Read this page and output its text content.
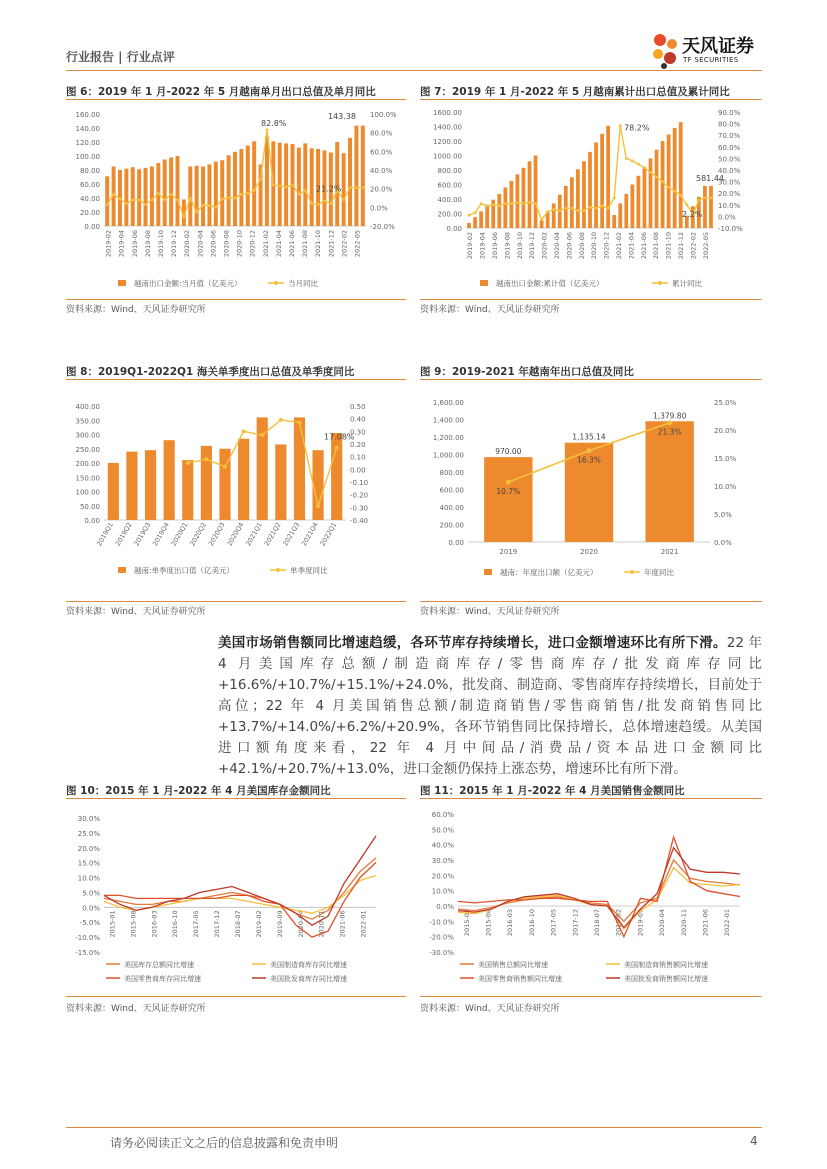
行业报告 | 行业点评	天风证券
TF SECURITIES
图 6：2019 年 1 月-2022 年 5 月越南单月出口总值及单月同比
160.00
140.00
120.00
100.00
80.00
60.00
40.00
20.00
0.00
100.0%
80.0%
60.0%
40.0%
20.0%
0.0%
-20.0%
2019-02 2019-04 2019-06 2019-08 2019-10 2019-12 2020-02 2020-04 2020-06 2020-08 2020-10 2020-12 2021-02 2021-04 2021-06 2021-08 2021-10 2021-12 2022-02 2022-05
82.8%
143.38
21.2%
越南出口金额:当月值（亿美元）	当月同比
资料来源：Wind、天风证券研究所
图 7：2019 年 1 月-2022 年 5 月越南累计出口总值及累计同比
1600.00
1400.00
1200.00
1000.00
800.00
600.00
400.00
200.00
0.00
90.0%
80.0%
70.0%
60.0%
50.0%
40.0%
30.0%
20.0%
10.0%
0.0%
-10.0%
2019-02 2019-04 2019-06 2019-08 2019-10 2019-12 2020-02 2020-04 2020-06 2020-08 2020-10 2020-12 2021-02 2021-04 2021-06 2021-08 2021-10 2021-12 2022-02 2022-05
78.2%
581.44
2.2%
越南出口金额:累计值（亿美元）	累计同比
资料来源：Wind、天风证券研究所
图 8：2019Q1-2022Q1 海关单季度出口总值及单季度同比
400.00
350.00
300.00
250.00
200.00
150.00
100.00
50.00
0.00
0.50
0.40
0.30
0.20
0.10
0.00
-0.10
-0.20
-0.30
-0.40
2019Q1
2019Q2
2019Q3
2019Q4
2020Q1
2020Q2
2020Q3
2020Q4
2021Q1
2021Q2
2021Q3
2021Q4
2022Q1
17.08%
越南:单季度出口值（亿美元）	单季度同比
资料来源：Wind、天风证券研究所
图 9：2019-2021 年越南年出口总值及同比
1,600.00
1,400.00
1,200.00
1,000.00
800.00
600.00
400.00
200.00
0.00
25.0%
20.0%
15.0%
10.0%
5.0%
0.0%
970.00
2019
1,135.14
2020
1,379.80
2021
10.7%
16.3%
21.3%
越南：年度出口额（亿美元）	年度同比
资料来源：Wind、天风证券研究所
美国市场销售额同比增速趋缓，各环节库存持续增长，进口金额增速环比有所下滑。22 年 4 月美国库存总额/制造商库存/零售商库存/批发商库存同比+16.6%/+10.7%/+15.1%/+24.0%，批发商、制造商、零售商库存持续增长，目前处于高位；22 年 4 月美国销售总额/制造商销售/零售商销售/批发商销售同比+13.7%/+14.0%/+6.2%/+20.9%，各环节销售同比保持增长，总体增速趋缓。从美国进口额角度来看，22 年 4 月中间品/消费品/资本品进口金额同比+42.1%/+20.7%/+13.0%，进口金额仍保持上涨态势，增速环比有所下滑。
图 10：2015 年 1 月-2022 年 4 月美国库存金额同比
30.0%
25.0%
20.0%
15.0%
10.0%
5.0%
0.0%
-5.0%
-10.0%
-15.0%
2015-01 2015-08 2016-03 2016-10 2017-05 2017-12 2018-07 2019-02 2019-09 2020-04 2020-11 2021-06 2022-01
美国库存总额同比增速	美国制造商库存同比增速
美国零售商库存同比增速	美国批发商库存同比增速
资料来源：Wind、天风证券研究所
图 11：2015 年 1 月-2022 年 4 月美国销售金额同比
60.0%
50.0%
40.0%
30.0%
20.0%
10.0%
0.0%
-10.0%
-20.0%
-30.0%
2015-01 2015-08 2016-03 2016-10 2017-05 2017-12 2018-07 2019-02 2019-09 2020-04 2020-11 2021-06 2022-01
美国销售总额同比增速	美国制造商销售额同比增速
美国零售商销售额同比增速	美国批发商销售额同比增速
资料来源：Wind、天风证券研究所
请务必阅读正文之后的信息披露和免责申明	4
